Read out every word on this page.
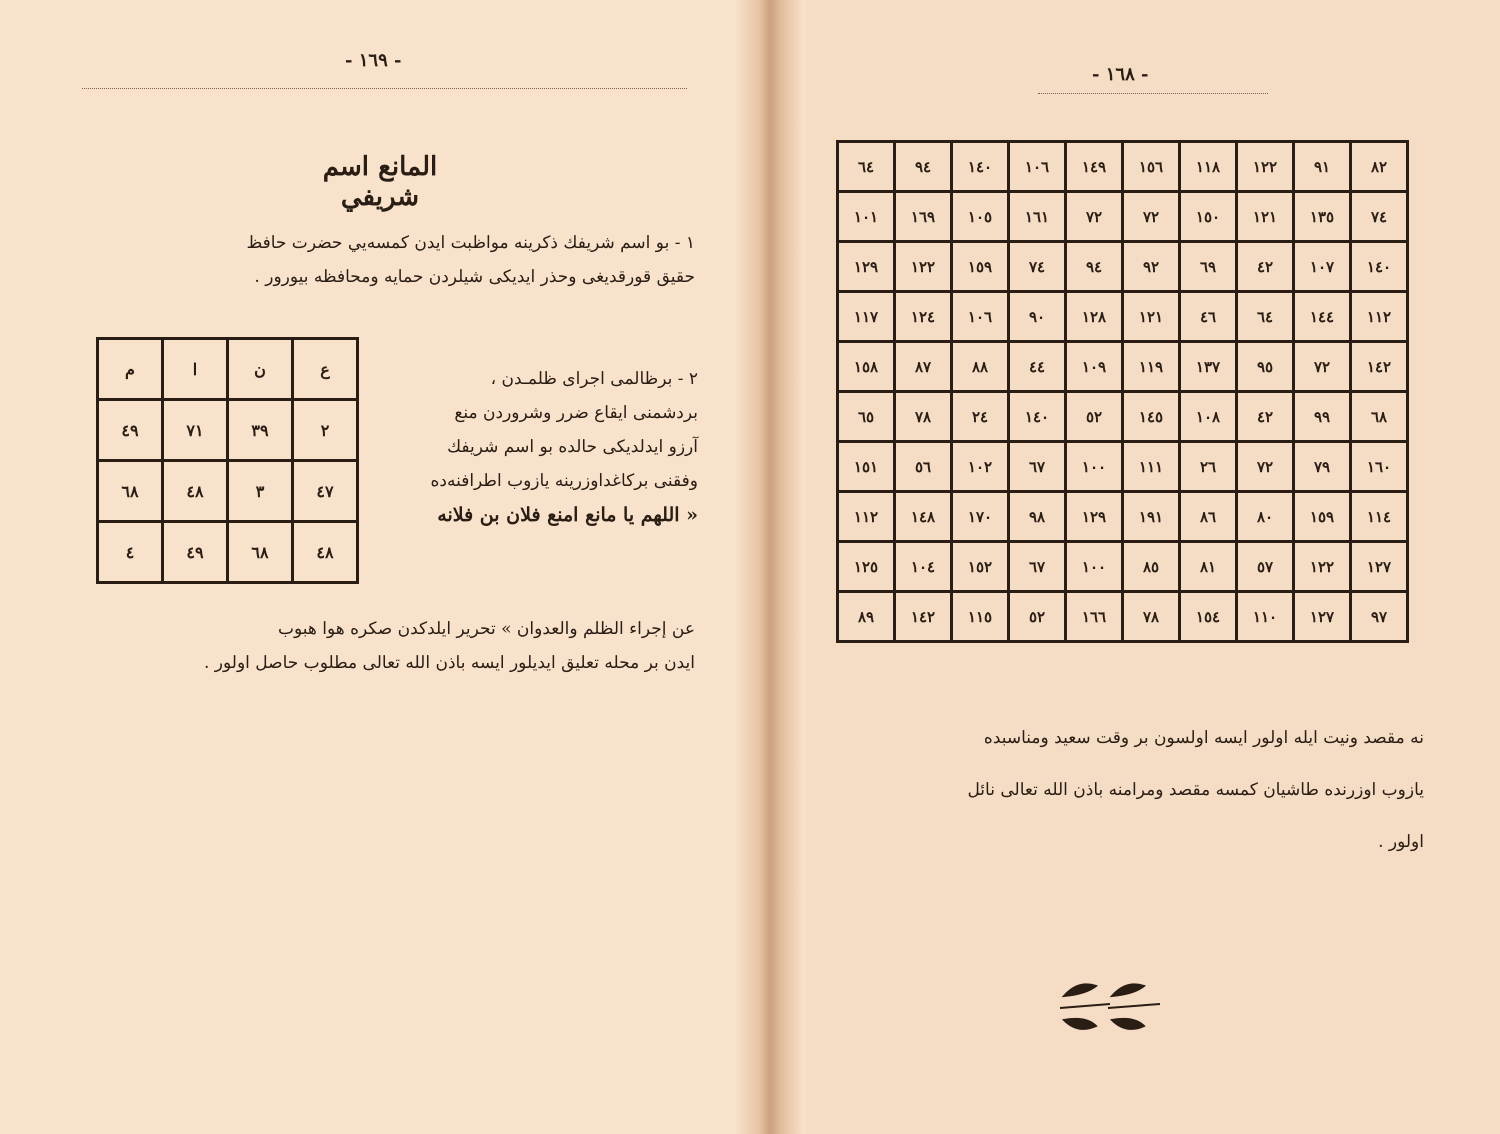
- ١٦٩ -
المانع اسم شريفي
١ - بو اسم شريفك ذكرينه مواظبت ايدن كمسه‌يي حضرت حافظ
حقيق قورقديغى وحذر ايديكى شيلردن حمايه ومحافظه بيورور .
م	ا	ن	ع
٤٩	٧١	٣٩	٢
٦٨	٤٨	٣	٤٧
٤	٤٩	٦٨	٤٨
٢ - برظالمى اجراى ظلمـدن ،
بردشمنى ايقاع ضرر وشروردن منع
آرزو ايدلديكى حالده بو اسم شريفك
وفقنى بركاغداوزرينه يازوب اطرافنه‌ده
« اللهم يا مانع امنع فلان بن فلانه
عن إجراء الظلم والعدوان » تحرير ايلدكدن صكره هوا هبوب
ايدن بر محله تعليق ايديلور ايسه باذن الله تعالى مطلوب حاصل اولور .
- ١٦٨ -
٦٤	٩٤	١٤٠	١٠٦	١٤٩	١٥٦	١١٨	١٢٢	٩١	٨٢
١٠١	١٦٩	١٠٥	١٦١	٧٢	٧٢	١٥٠	١٢١	١٣٥	٧٤
١٢٩	١٢٢	١٥٩	٧٤	٩٤	٩٢	٦٩	٤٢	١٠٧	١٤٠
١١٧	١٢٤	١٠٦	٩٠	١٢٨	١٢١	٤٦	٦٤	١٤٤	١١٢
١٥٨	٨٧	٨٨	٤٤	١٠٩	١١٩	١٣٧	٩٥	٧٢	١٤٢
٦٥	٧٨	٢٤	١٤٠	٥٢	١٤٥	١٠٨	٤٢	٩٩	٦٨
١٥١	٥٦	١٠٢	٦٧	١٠٠	١١١	٢٦	٧٢	٧٩	١٦٠
١١٢	١٤٨	١٧٠	٩٨	١٢٩	١٩١	٨٦	٨٠	١٥٩	١١٤
١٢٥	١٠٤	١٥٢	٦٧	١٠٠	٨٥	٨١	٥٧	١٢٢	١٢٧
٨٩	١٤٢	١١٥	٥٢	١٦٦	٧٨	١٥٤	١١٠	١٢٧	٩٧
نه مقصد ونيت ايله اولور ايسه اولسون بر وقت سعيد ومناسبده
يازوب اوزرنده طاشيان كمسه مقصد ومرامنه باذن الله تعالى نائل
اولور .
